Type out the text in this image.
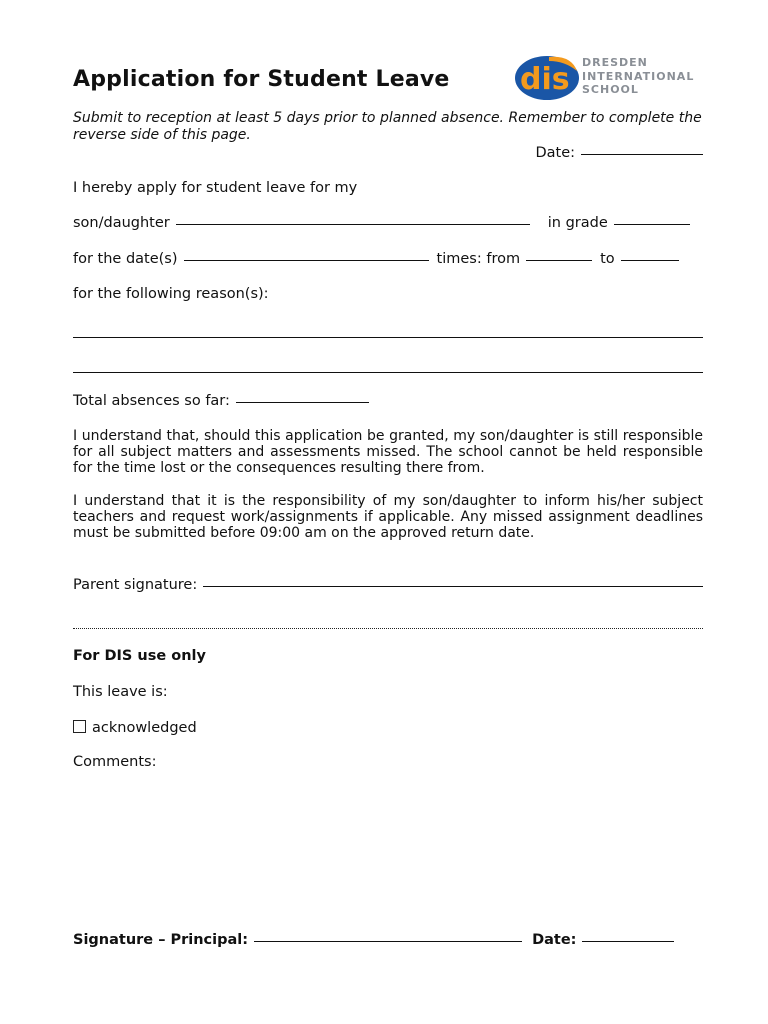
Application for Student Leave
Submit to reception at least 5 days prior to planned absence. Remember to complete the reverse side of this page.
Date:
I hereby apply for student leave for my
son/daughter	in grade
for the date(s)	times: from	to
for the following reason(s):
Total absences so far:
I understand that, should this application be granted, my son/daughter is still responsible for all subject matters and assessments missed. The school cannot be held responsible for the time lost or the consequences resulting there from.
I understand that it is the responsibility of my son/daughter to inform his/her subject teachers and request work/assignments if applicable. Any missed assignment deadlines must be submitted before 09:00 am on the approved return date.
Parent signature:
For DIS use only
This leave is:
acknowledged
Comments:
Signature – Principal:	Date:
dis DRESDEN
INTERNATIONAL
SCHOOL
